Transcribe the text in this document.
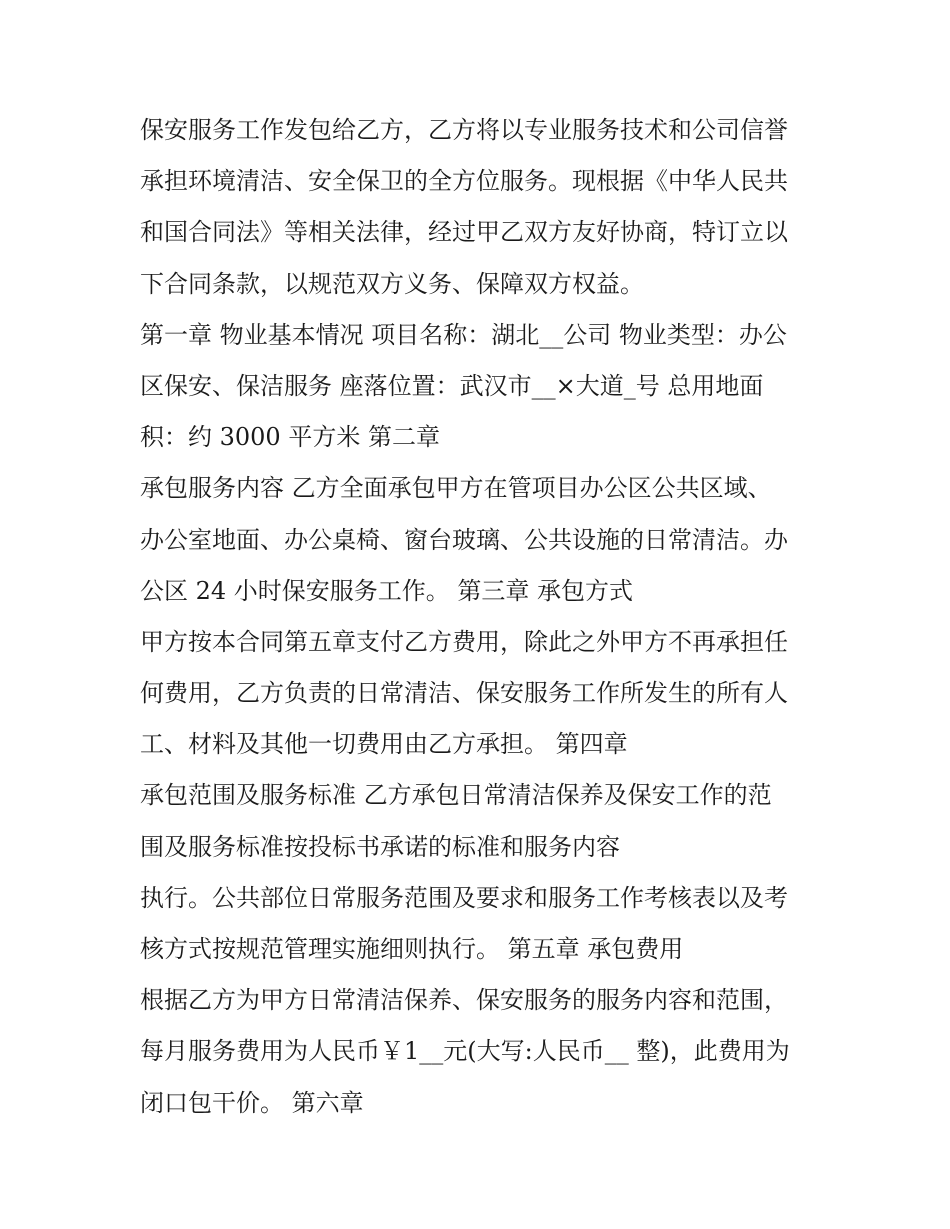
保安服务工作发包给乙方，乙方将以专业服务技术和公司信誉
承担环境清洁、安全保卫的全方位服务。现根据《中华人民共
和国合同法》等相关法律，经过甲乙双方友好协商，特订立以
下合同条款，以规范双方义务、保障双方权益。
第一章 物业基本情况 项目名称：湖北__公司 物业类型：办公
区保安、保洁服务 座落位置：武汉市__×大道_号 总用地面
积：约 3000 平方米 第二章
承包服务内容 乙方全面承包甲方在管项目办公区公共区域、
办公室地面、办公桌椅、窗台玻璃、公共设施的日常清洁。办
公区 24 小时保安服务工作。 第三章 承包方式
甲方按本合同第五章支付乙方费用，除此之外甲方不再承担任
何费用，乙方负责的日常清洁、保安服务工作所发生的所有人
工、材料及其他一切费用由乙方承担。 第四章
承包范围及服务标准 乙方承包日常清洁保养及保安工作的范
围及服务标准按投标书承诺的标准和服务内容
执行。公共部位日常服务范围及要求和服务工作考核表以及考
核方式按规范管理实施细则执行。 第五章 承包费用
根据乙方为甲方日常清洁保养、保安服务的服务内容和范围，
每月服务费用为人民币￥1__元(大写:人民币__ 整)，此费用为
闭口包干价。 第六章
